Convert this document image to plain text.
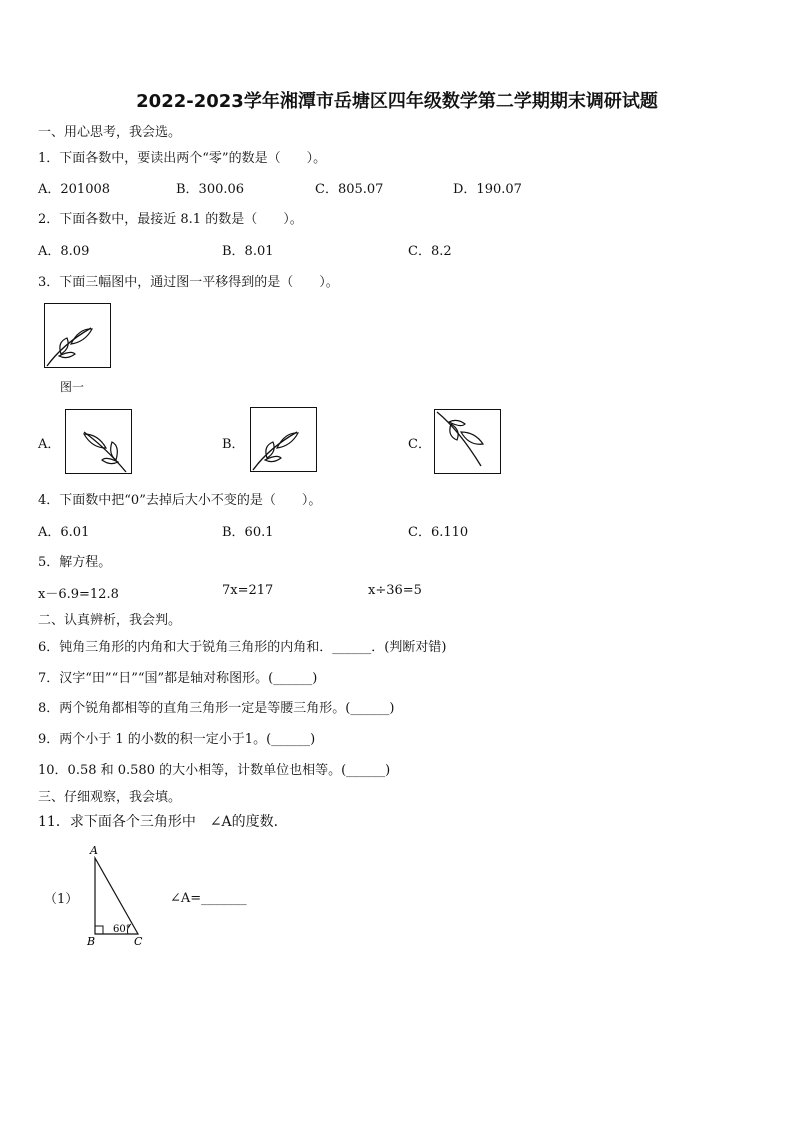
2022-2023学年湘潭市岳塘区四年级数学第二学期期末调研试题
一、用心思考，我会选。
1．下面各数中，要读出两个“零”的数是（　　）。
A．201008	B．300.06	C．805.07	D．190.07
2．下面各数中，最接近 8.1 的数是（　　）。
A．8.09	B．8.01	C．8.2
3．下面三幅图中，通过图一平移得到的是（　　）。
图一
A．	B．	C．
4．下面数中把“0”去掉后大小不变的是（　　）。
A．6.01	B．60.1	C．6.110
5．解方程。
x－6.9=12.8	7x=217	x÷36=5
二、认真辨析，我会判。
6．钝角三角形的内角和大于锐角三角形的内角和．______．(判断对错)
7．汉字“田”“日”“国”都是轴对称图形。(______)
8．两个锐角都相等的直角三角形一定是等腰三角形。(______)
9．两个小于 1 的小数的积一定小于1。(______)
10．0.58 和 0.580 的大小相等，计数单位也相等。(______)
三、仔细观察，我会填。
11．求下面各个三角形中　∠A的度数．
（1）
A
B	C
60°
∠A=_______
